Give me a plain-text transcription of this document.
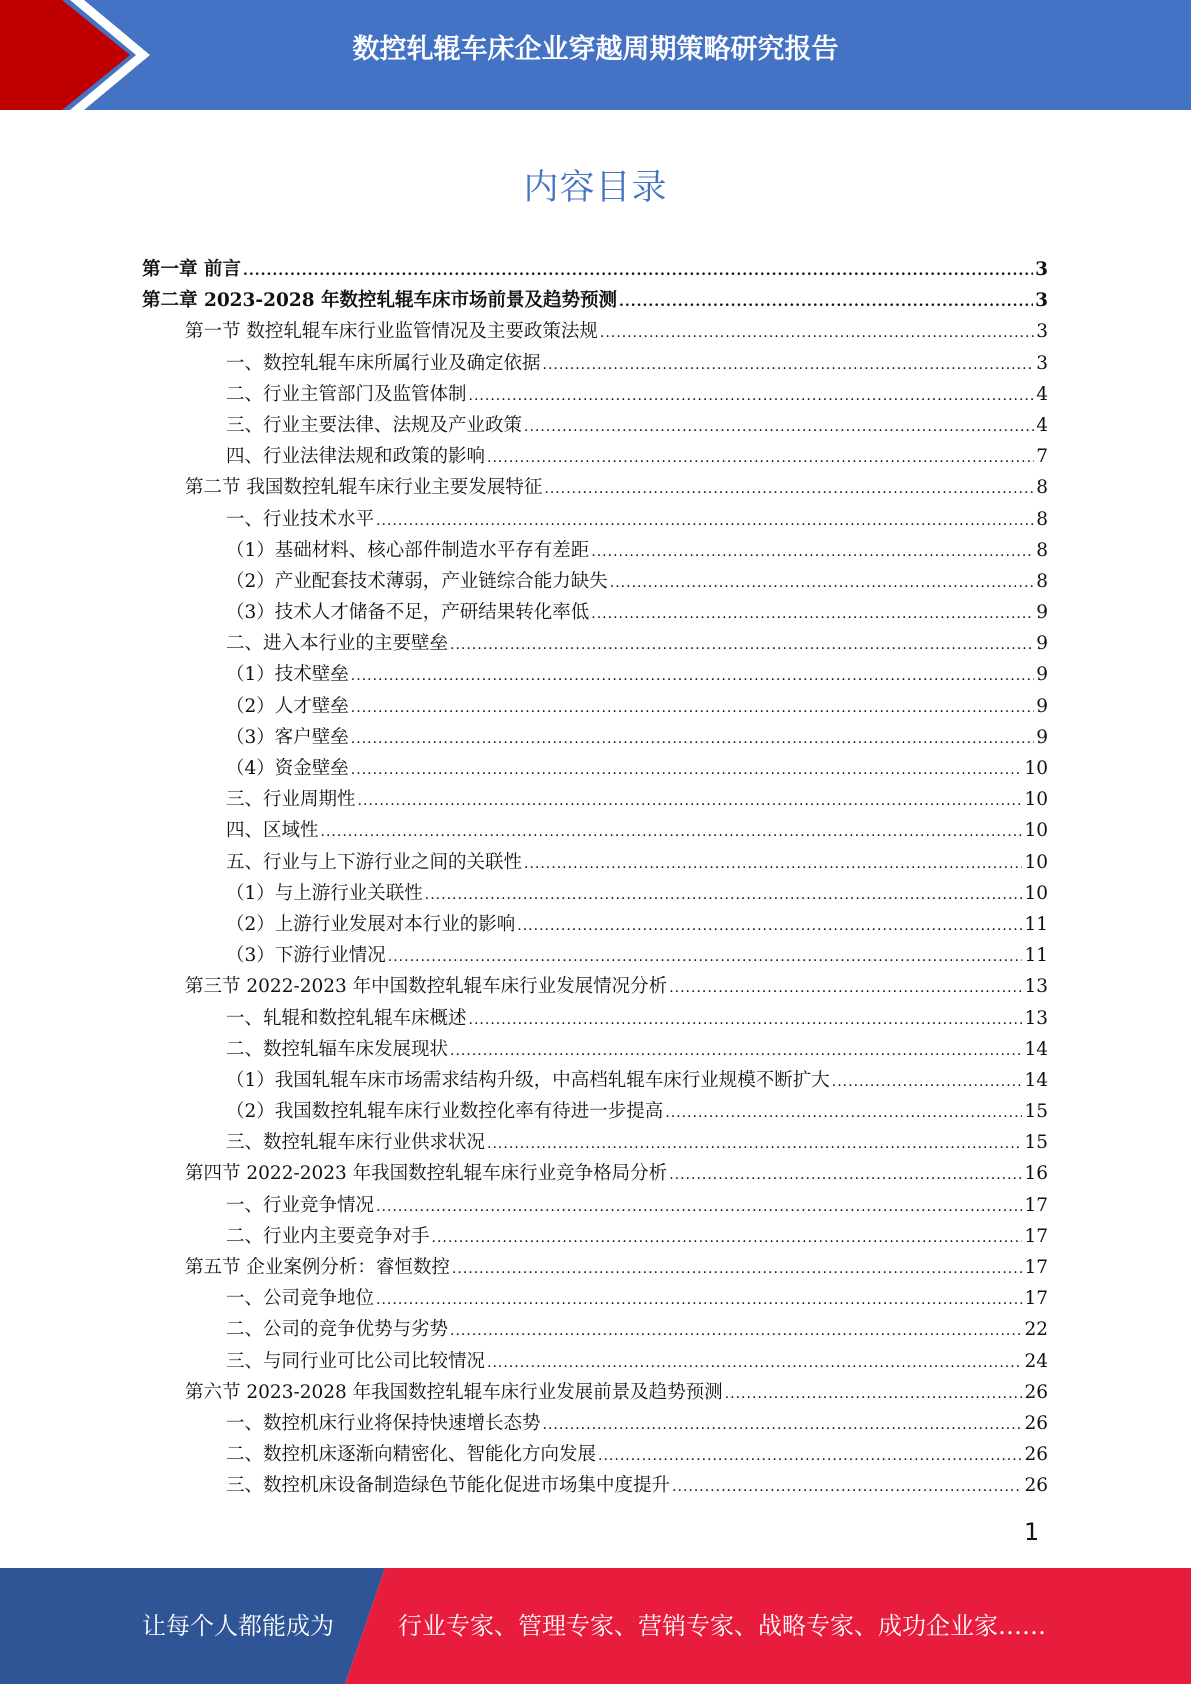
数控轧辊车床企业穿越周期策略研究报告
内容目录
第一章 前言 .....	3
第二章 2023-2028 年数控轧辊车床市场前景及趋势预测 .....	3
第一节 数控轧辊车床行业监管情况及主要政策法规 .....	3
一、数控轧辊车床所属行业及确定依据 .....	3
二、行业主管部门及监管体制 .....	4
三、行业主要法律、法规及产业政策 .....	4
四、行业法律法规和政策的影响 .....	7
第二节 我国数控轧辊车床行业主要发展特征 .....	8
一、行业技术水平 .....	8
（1）基础材料、核心部件制造水平存有差距 .....	8
（2）产业配套技术薄弱，产业链综合能力缺失 .....	8
（3）技术人才储备不足，产研结果转化率低 .....	9
二、进入本行业的主要壁垒 .....	9
（1）技术壁垒 .....	9
（2）人才壁垒 .....	9
（3）客户壁垒 .....	9
（4）资金壁垒 .....	10
三、行业周期性 .....	10
四、区域性 .....	10
五、行业与上下游行业之间的关联性 .....	10
（1）与上游行业关联性 .....	10
（2）上游行业发展对本行业的影响 .....	11
（3）下游行业情况 .....	11
第三节 2022-2023 年中国数控轧辊车床行业发展情况分析 .....	13
一、轧辊和数控轧辊车床概述 .....	13
二、数控轧辐车床发展现状 .....	14
（1）我国轧辊车床市场需求结构升级，中高档轧辊车床行业规模不断扩大 .....	14
（2）我国数控轧辊车床行业数控化率有待进一步提高 .....	15
三、数控轧辊车床行业供求状况 .....	15
第四节 2022-2023 年我国数控轧辊车床行业竞争格局分析 .....	16
一、行业竞争情况 .....	17
二、行业内主要竞争对手 .....	17
第五节 企业案例分析：睿恒数控 .....	17
一、公司竞争地位 .....	17
二、公司的竞争优势与劣势 .....	22
三、与同行业可比公司比较情况 .....	24
第六节 2023-2028 年我国数控轧辊车床行业发展前景及趋势预测 .....	26
一、数控机床行业将保持快速增长态势 .....	26
二、数控机床逐渐向精密化、智能化方向发展 .....	26
三、数控机床设备制造绿色节能化促进市场集中度提升 .....	26
1
让每个人都能成为	行业专家、管理专家、营销专家、战略专家、成功企业家……
